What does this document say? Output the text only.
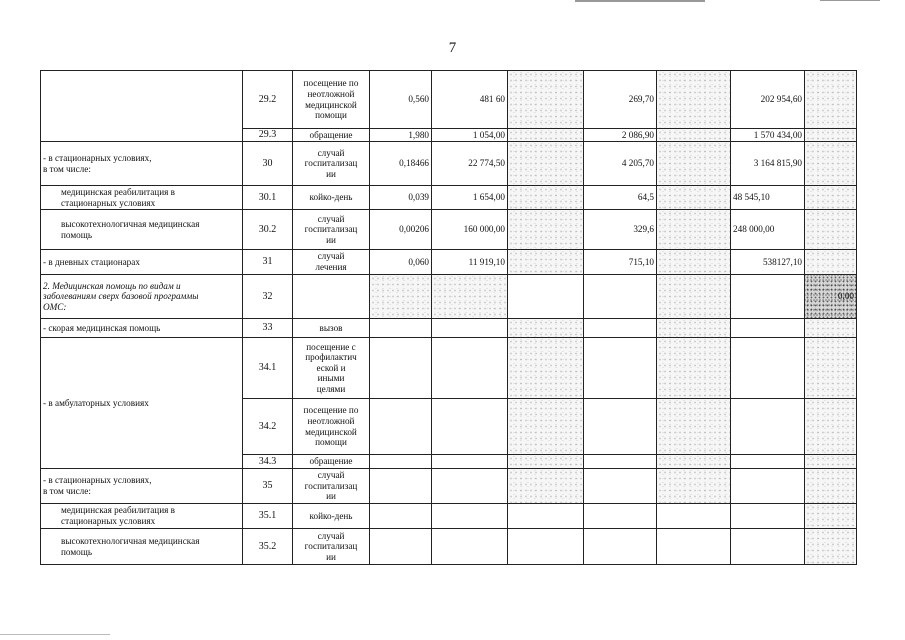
7
	29.2	посещение по
неотложной
медицинской
помощи	0,560	481 60		269,70		202 954,60	
	29.3	обращение	1,980	1 054,00		2 086,90		1 570 434,00	
- в стационарных условиях,
в том числе:	30	случай
госпитализац
ии	0,18466	22 774,50		4 205,70		3 164 815,90	
медицинская реабилитация в
стационарных условиях	30.1	койко-день	0,039	1 654,00		64,5		48 545,10	
высокотехнологичная медицинская
помощь	30.2	случай
госпитализац
ии	0,00206	160 000,00		329,6		248 000,00	
- в дневных стационарах	31	случай
лечения	0,060	11 919,10		715,10		538127,10	
2. Медицинская помощь по видам и
заболеваниям сверх базовой программы
ОМС:	32								0,00
- скорая медицинская помощь	33	вызов							
- в амбулаторных условиях	34.1	посещение с
профилактич
еской и
иными
целями							
	34.2	посещение по
неотложной
медицинской
помощи							
	34.3	обращение							
- в стационарных условиях,
в том числе:	35	случай
госпитализац
ии							
медицинская реабилитация в
стационарных условиях	35.1	койко-день							
высокотехнологичная медицинская
помощь	35.2	случай
госпитализац
ии							
